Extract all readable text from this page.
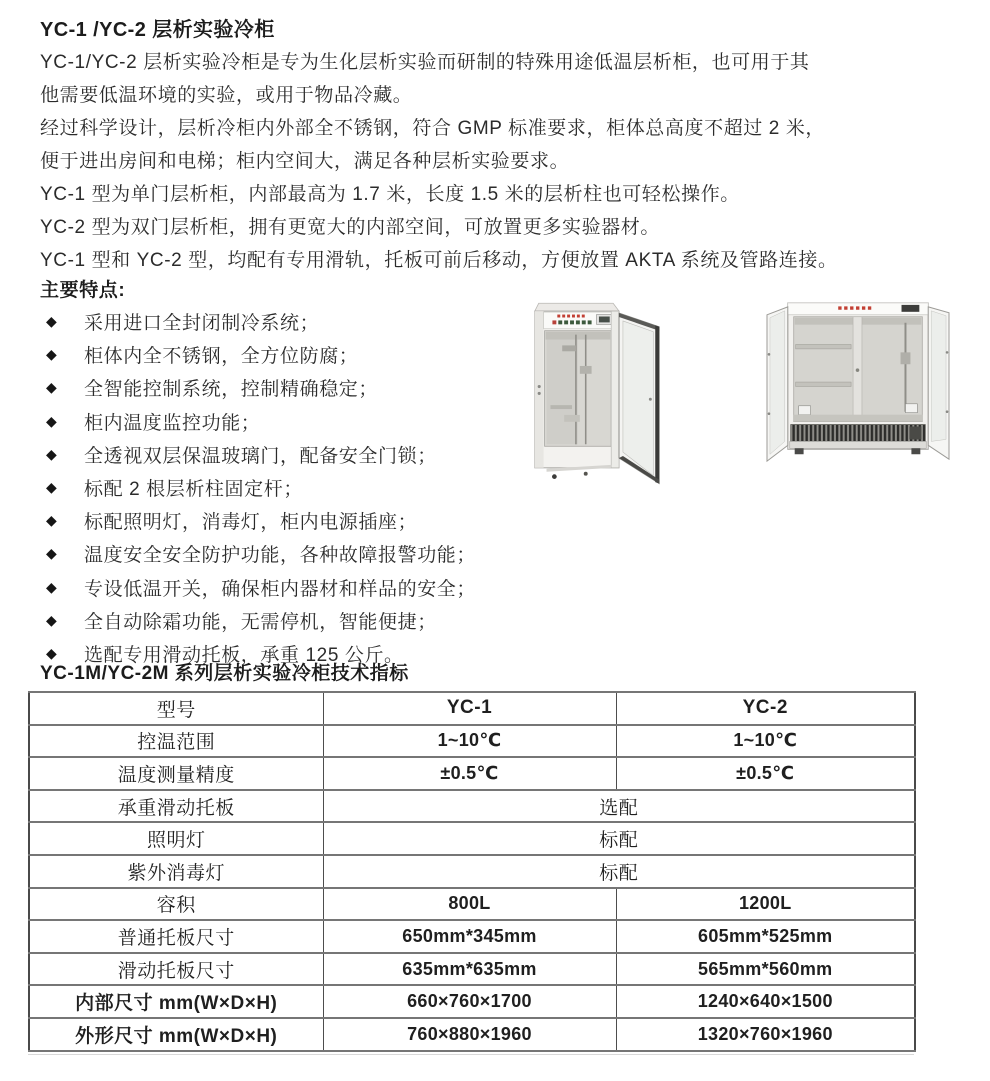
YC-1 /YC-2 层析实验冷柜
YC-1/YC-2 层析实验冷柜是专为生化层析实验而研制的特殊用途低温层析柜，也可用于其
他需要低温环境的实验，或用于物品冷藏。
经过科学设计，层析冷柜内外部全不锈钢，符合 GMP 标准要求，柜体总高度不超过 2 米，
便于进出房间和电梯；柜内空间大，满足各种层析实验要求。
YC-1 型为单门层析柜，内部最高为 1.7 米，长度 1.5 米的层析柱也可轻松操作。
YC-2 型为双门层析柜，拥有更宽大的内部空间，可放置更多实验器材。
YC-1 型和 YC-2 型，均配有专用滑轨，托板可前后移动，方便放置 AKTA 系统及管路连接。
主要特点:
◆ 采用进口全封闭制冷系统；
◆ 柜体内全不锈钢，全方位防腐；
◆ 全智能控制系统，控制精确稳定；
◆ 柜内温度监控功能；
◆ 全透视双层保温玻璃门，配备安全门锁；
◆ 标配 2 根层析柱固定杆；
◆ 标配照明灯，消毒灯，柜内电源插座；
◆ 温度安全安全防护功能，各种故障报警功能；
◆ 专设低温开关，确保柜内器材和样品的安全；
◆ 全自动除霜功能，无需停机，智能便捷；
◆ 选配专用滑动托板，承重 125 公斤。
YC-1M/YC-2M 系列层析实验冷柜技术指标
型号	YC-1	YC-2
控温范围	1~10℃	1~10℃
温度测量精度	±0.5℃	±0.5℃
承重滑动托板	选配	
照明灯	标配	
紫外消毒灯	标配	
容积	800L	1200L
普通托板尺寸	650mm*345mm	605mm*525mm
滑动托板尺寸	635mm*635mm	565mm*560mm
内部尺寸 mm(W×D×H)	660×760×1700	1240×640×1500
外形尺寸 mm(W×D×H)	760×880×1960	1320×760×1960
